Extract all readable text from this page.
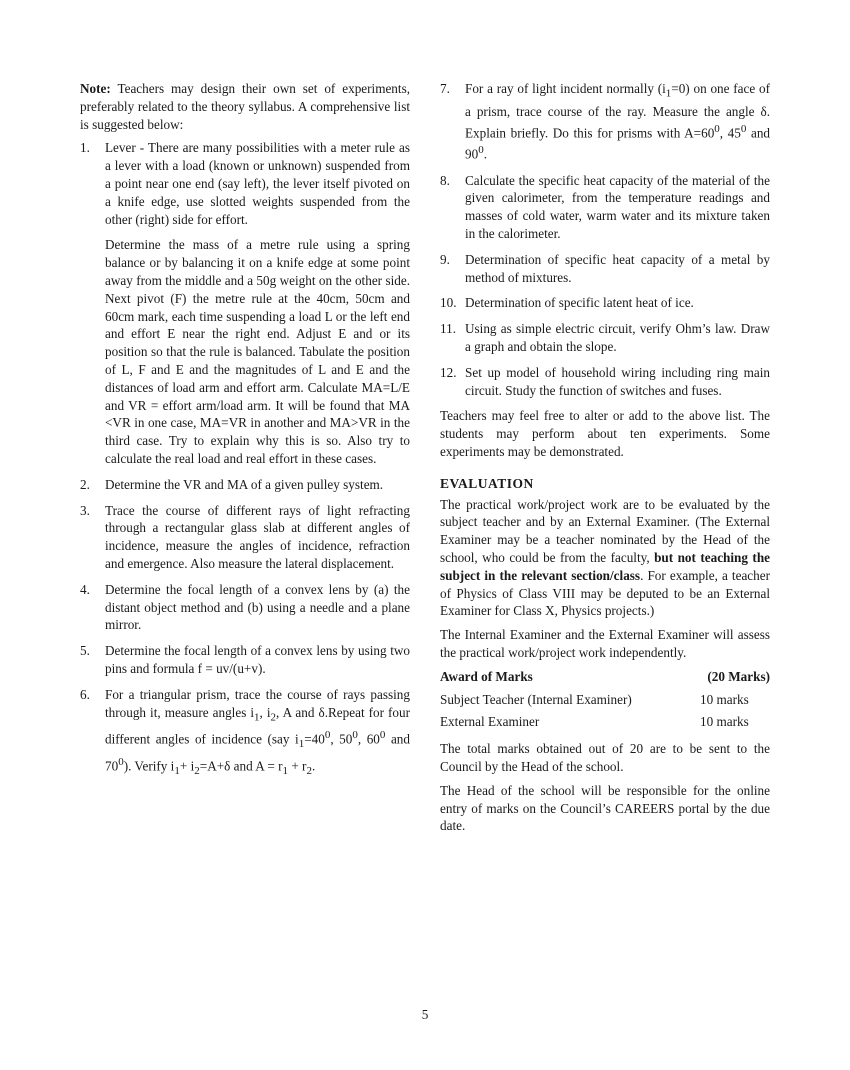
Note: Teachers may design their own set of experiments, preferably related to the theory syllabus. A comprehensive list is suggested below:

1. Lever - There are many possibilities with a meter rule as a lever with a load (known or unknown) suspended from a point near one end (say left), the lever itself pivoted on a knife edge, use slotted weights suspended from the other (right) side for effort.
Determine the mass of a metre rule using a spring balance or by balancing it on a knife edge at some point away from the middle and a 50g weight on the other side. Next pivot (F) the metre rule at the 40cm, 50cm and 60cm mark, each time suspending a load L or the left end and effort E near the right end. Adjust E and or its position so that the rule is balanced. Tabulate the position of L, F and E and the magnitudes of L and E and the distances of load arm and effort arm. Calculate MA=L/E and VR = effort arm/load arm. It will be found that MA <VR in one case, MA=VR in another and MA>VR in the third case. Try to explain why this is so. Also try to calculate the real load and real effort in these cases.
2. Determine the VR and MA of a given pulley system.
3. Trace the course of different rays of light refracting through a rectangular glass slab at different angles of incidence, measure the angles of incidence, refraction and emergence. Also measure the lateral displacement.
4. Determine the focal length of a convex lens by (a) the distant object method and (b) using a needle and a plane mirror.
5. Determine the focal length of a convex lens by using two pins and formula f = uv/(u+v).
6. For a triangular prism, trace the course of rays passing through it, measure angles $i_1$, $i_2$, A and δ.Repeat for four different angles of incidence (say $i_1=40^0$, $50^0$, $60^0$ and $70^0$). Verify $i_1+ i_2=A+\delta$ and $A = r_1 + r_2$.
7. For a ray of light incident normally $(i_1=0)$ on one face of a prism, trace course of the ray. Measure the angle δ. Explain briefly. Do this for prisms with $A=60^0$, $45^0$ and $90^0$.
8. Calculate the specific heat capacity of the material of the given calorimeter, from the temperature readings and masses of cold water, warm water and its mixture taken in the calorimeter.
9. Determination of specific heat capacity of a metal by method of mixtures.
10. Determination of specific latent heat of ice.
11. Using as simple electric circuit, verify Ohm’s law. Draw a graph and obtain the slope.
12. Set up model of household wiring including ring main circuit. Study the function of switches and fuses.

Teachers may feel free to alter or add to the above list. The students may perform about ten experiments. Some experiments may be demonstrated.

EVALUATION

The practical work/project work are to be evaluated by the subject teacher and by an External Examiner. (The External Examiner may be a teacher nominated by the Head of the school, who could be from the faculty, but not teaching the subject in the relevant section/class. For example, a teacher of Physics of Class VIII may be deputed to be an External Examiner for Class X, Physics projects.)

The Internal Examiner and the External Examiner will assess the practical work/project work independently.

Award of Marks	(20 Marks)
Subject Teacher (Internal Examiner)	10 marks
External Examiner	10 marks

The total marks obtained out of 20 are to be sent to the Council by the Head of the school.

The Head of the school will be responsible for the online entry of marks on the Council’s CAREERS portal by the due date.

5
